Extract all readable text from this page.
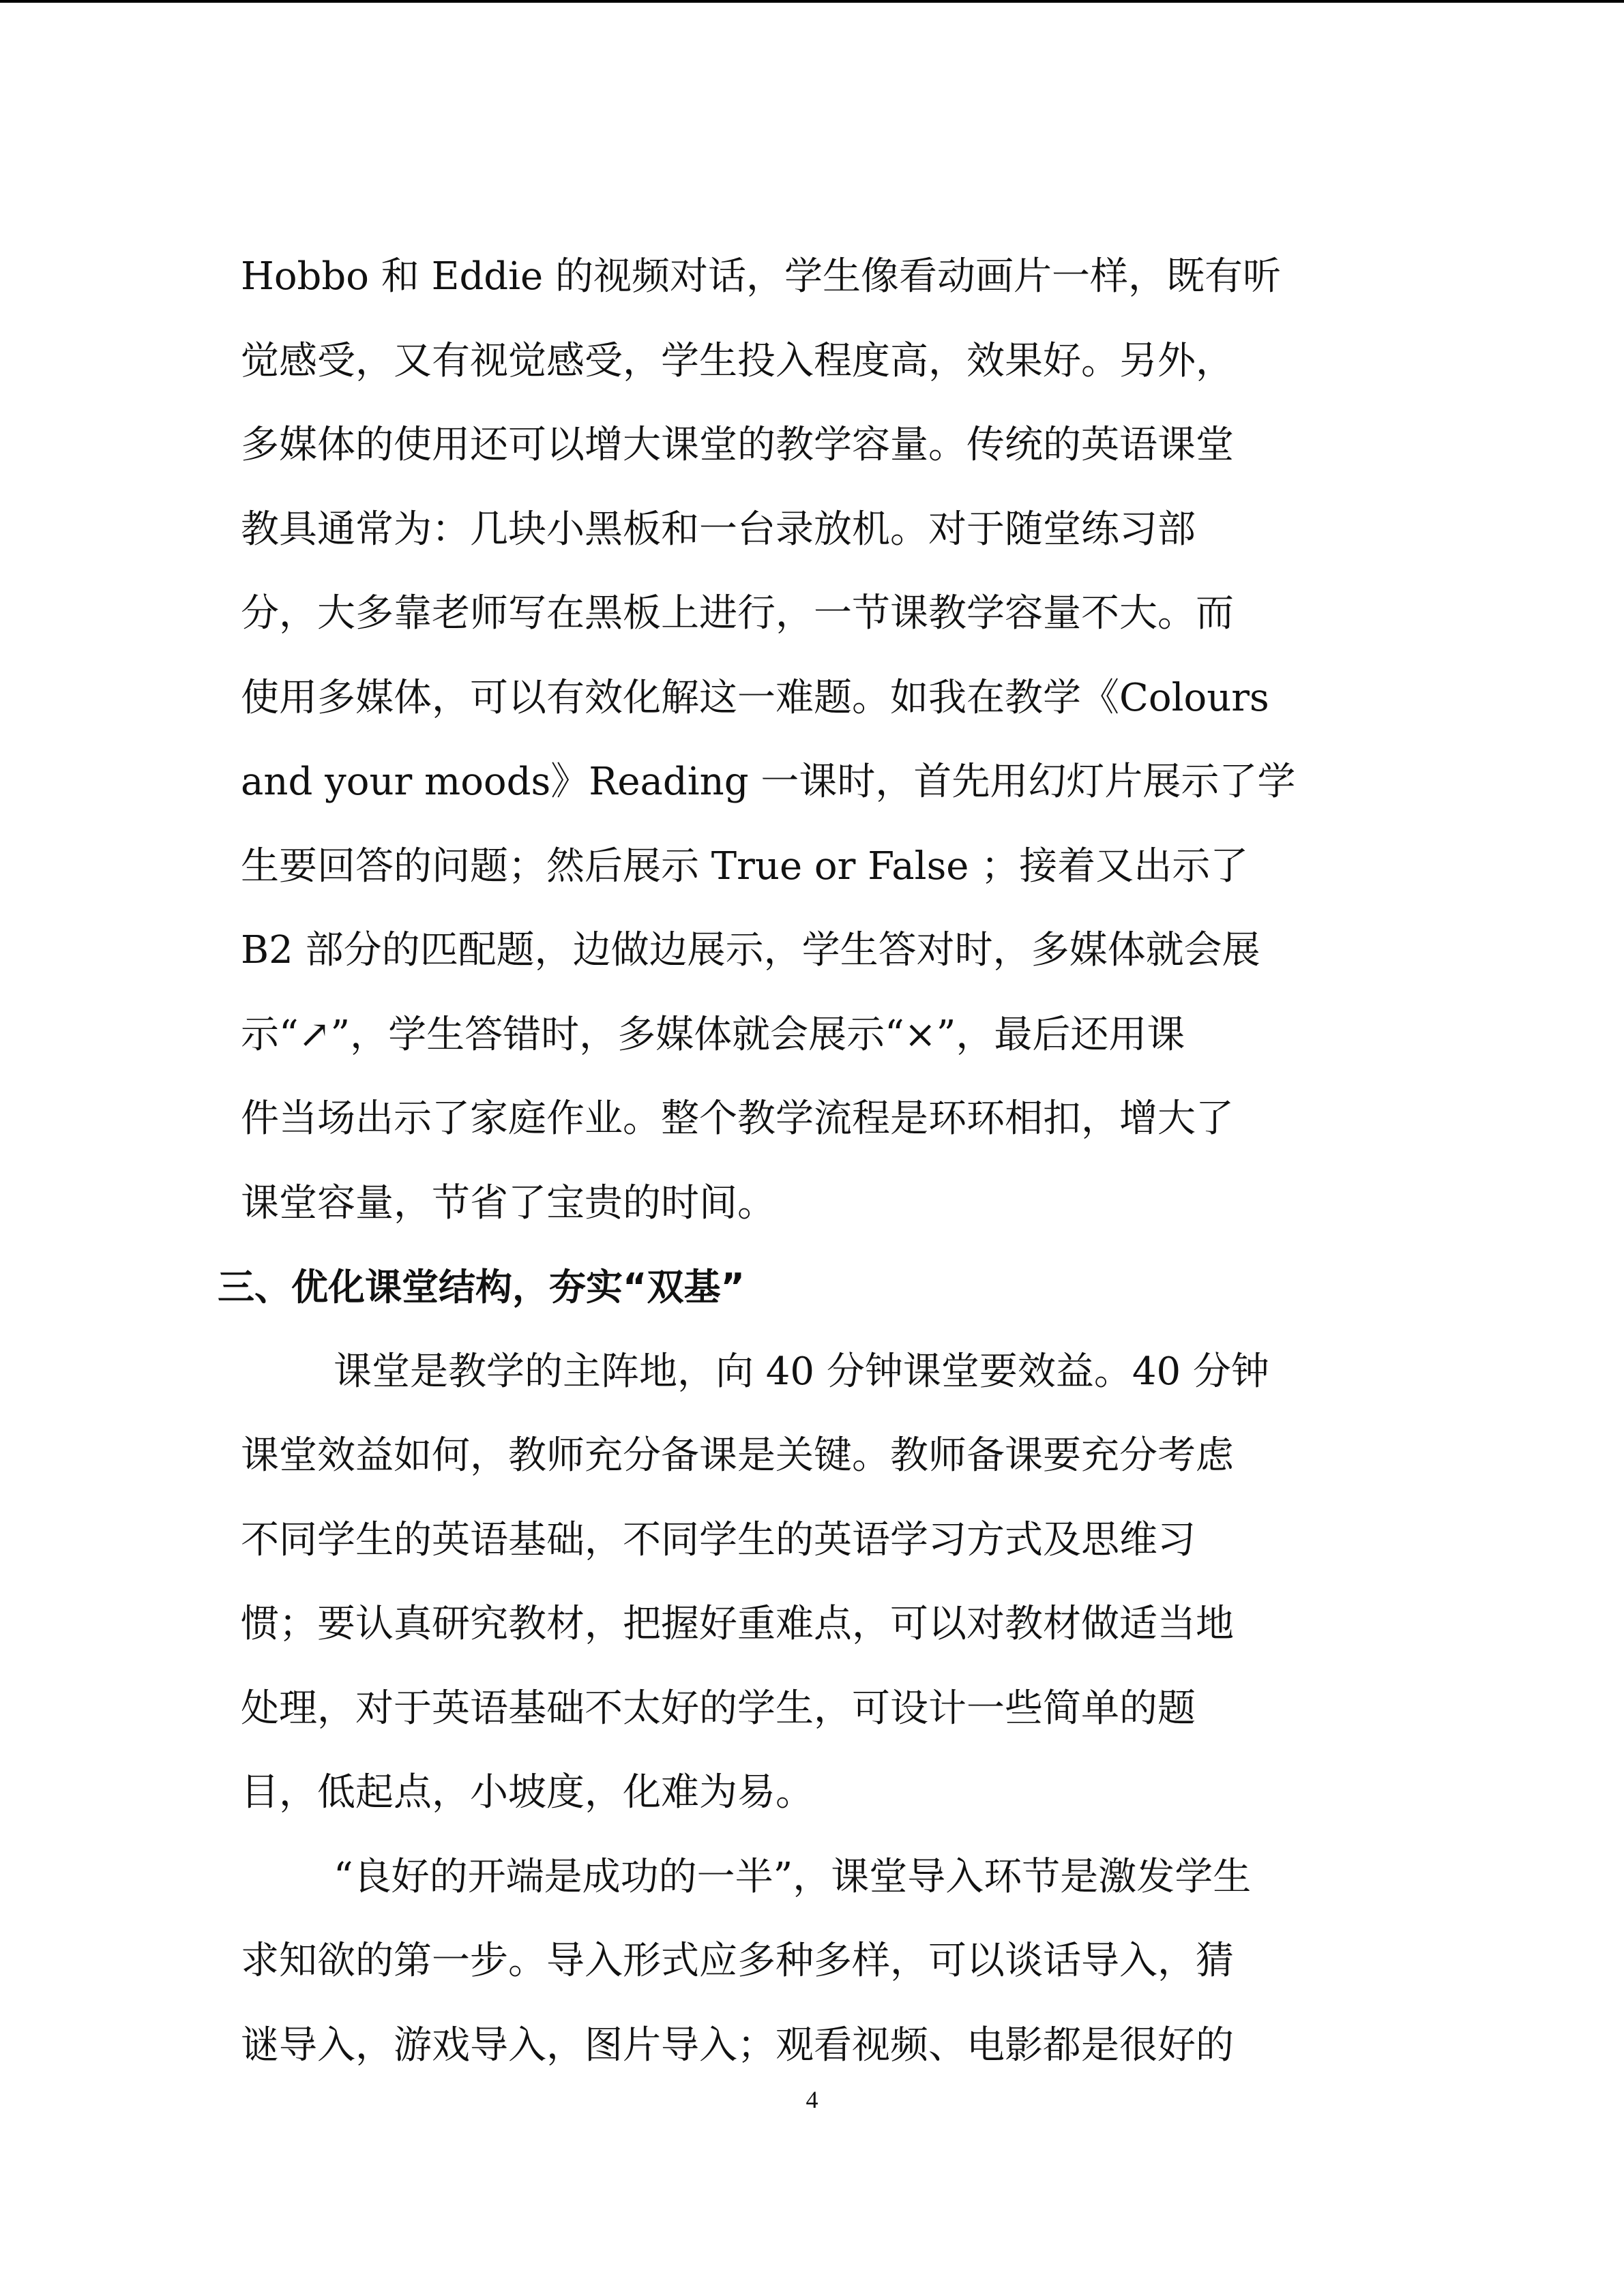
Hobbo 和 Eddie 的视频对话，学生像看动画片一样，既有听
觉感受，又有视觉感受，学生投入程度高，效果好。另外，
多媒体的使用还可以增大课堂的教学容量。传统的英语课堂
教具通常为：几块小黑板和一台录放机。对于随堂练习部
分，大多靠老师写在黑板上进行，一节课教学容量不大。而
使用多媒体，可以有效化解这一难题。如我在教学《Colours
and your moods》Reading 一课时，首先用幻灯片展示了学
生要回答的问题；然后展示 True or False ；接着又出示了
B2 部分的匹配题，边做边展示，学生答对时，多媒体就会展
示“↗”，学生答错时，多媒体就会展示“×”，最后还用课
件当场出示了家庭作业。整个教学流程是环环相扣，增大了
课堂容量，节省了宝贵的时间。
三、优化课堂结构，夯实“双基”
课堂是教学的主阵地，向 40 分钟课堂要效益。40 分钟
课堂效益如何，教师充分备课是关键。教师备课要充分考虑
不同学生的英语基础，不同学生的英语学习方式及思维习
惯；要认真研究教材，把握好重难点，可以对教材做适当地
处理，对于英语基础不太好的学生，可设计一些简单的题
目，低起点，小坡度，化难为易。
“良好的开端是成功的一半”，课堂导入环节是激发学生
求知欲的第一步。导入形式应多种多样，可以谈话导入，猜
谜导入，游戏导入，图片导入；观看视频、电影都是很好的
4
